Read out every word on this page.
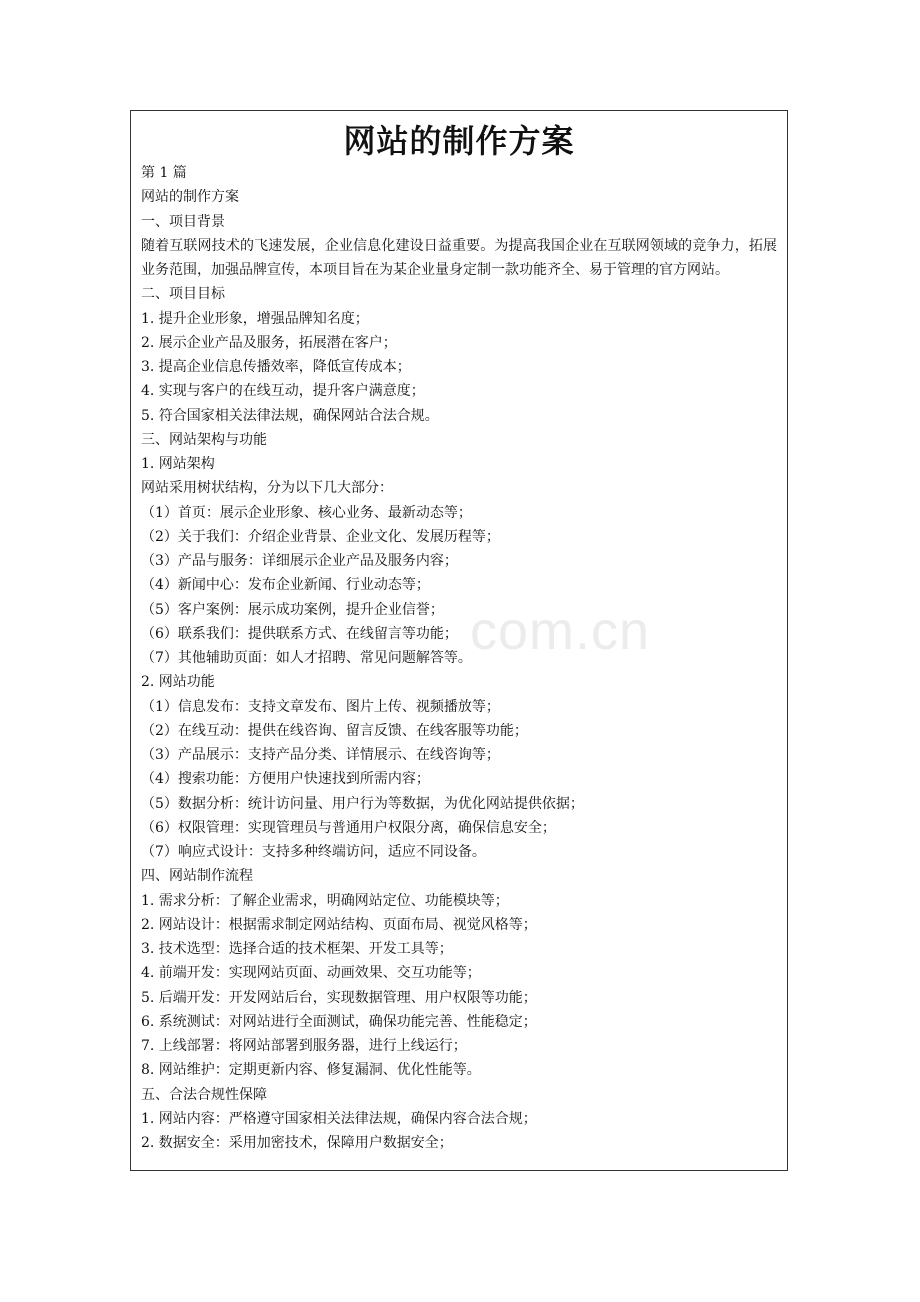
网站的制作方案
第 1 篇
网站的制作方案
一、项目背景

随着互联网技术的飞速发展，企业信息化建设日益重要。为提高我国企业在互联网领域的竞争力，拓展业务范围，加强品牌宣传，本项目旨在为某企业量身定制一款功能齐全、易于管理的官方网站。

二、项目目标
1. 提升企业形象，增强品牌知名度；
2. 展示企业产品及服务，拓展潜在客户；
3. 提高企业信息传播效率，降低宣传成本；
4. 实现与客户的在线互动，提升客户满意度；
5. 符合国家相关法律法规，确保网站合法合规。
三、网站架构与功能
1. 网站架构
网站采用树状结构，分为以下几大部分：
（1）首页：展示企业形象、核心业务、最新动态等；
（2）关于我们：介绍企业背景、企业文化、发展历程等；
（3）产品与服务：详细展示企业产品及服务内容；
（4）新闻中心：发布企业新闻、行业动态等；
（5）客户案例：展示成功案例，提升企业信誉；
（6）联系我们：提供联系方式、在线留言等功能；
（7）其他辅助页面：如人才招聘、常见问题解答等。
2. 网站功能
（1）信息发布：支持文章发布、图片上传、视频播放等；
（2）在线互动：提供在线咨询、留言反馈、在线客服等功能；
（3）产品展示：支持产品分类、详情展示、在线咨询等；
（4）搜索功能：方便用户快速找到所需内容；
（5）数据分析：统计访问量、用户行为等数据，为优化网站提供依据；
（6）权限管理：实现管理员与普通用户权限分离，确保信息安全；
（7）响应式设计：支持多种终端访问，适应不同设备。
四、网站制作流程
1. 需求分析：了解企业需求，明确网站定位、功能模块等；
2. 网站设计：根据需求制定网站结构、页面布局、视觉风格等；
3. 技术选型：选择合适的技术框架、开发工具等；
4. 前端开发：实现网站页面、动画效果、交互功能等；
5. 后端开发：开发网站后台，实现数据管理、用户权限等功能；
6. 系统测试：对网站进行全面测试，确保功能完善、性能稳定；
7. 上线部署：将网站部署到服务器，进行上线运行；
8. 网站维护：定期更新内容、修复漏洞、优化性能等。
五、合法合规性保障
1. 网站内容：严格遵守国家相关法律法规，确保内容合法合规；
2. 数据安全：采用加密技术，保障用户数据安全；
com.cn
